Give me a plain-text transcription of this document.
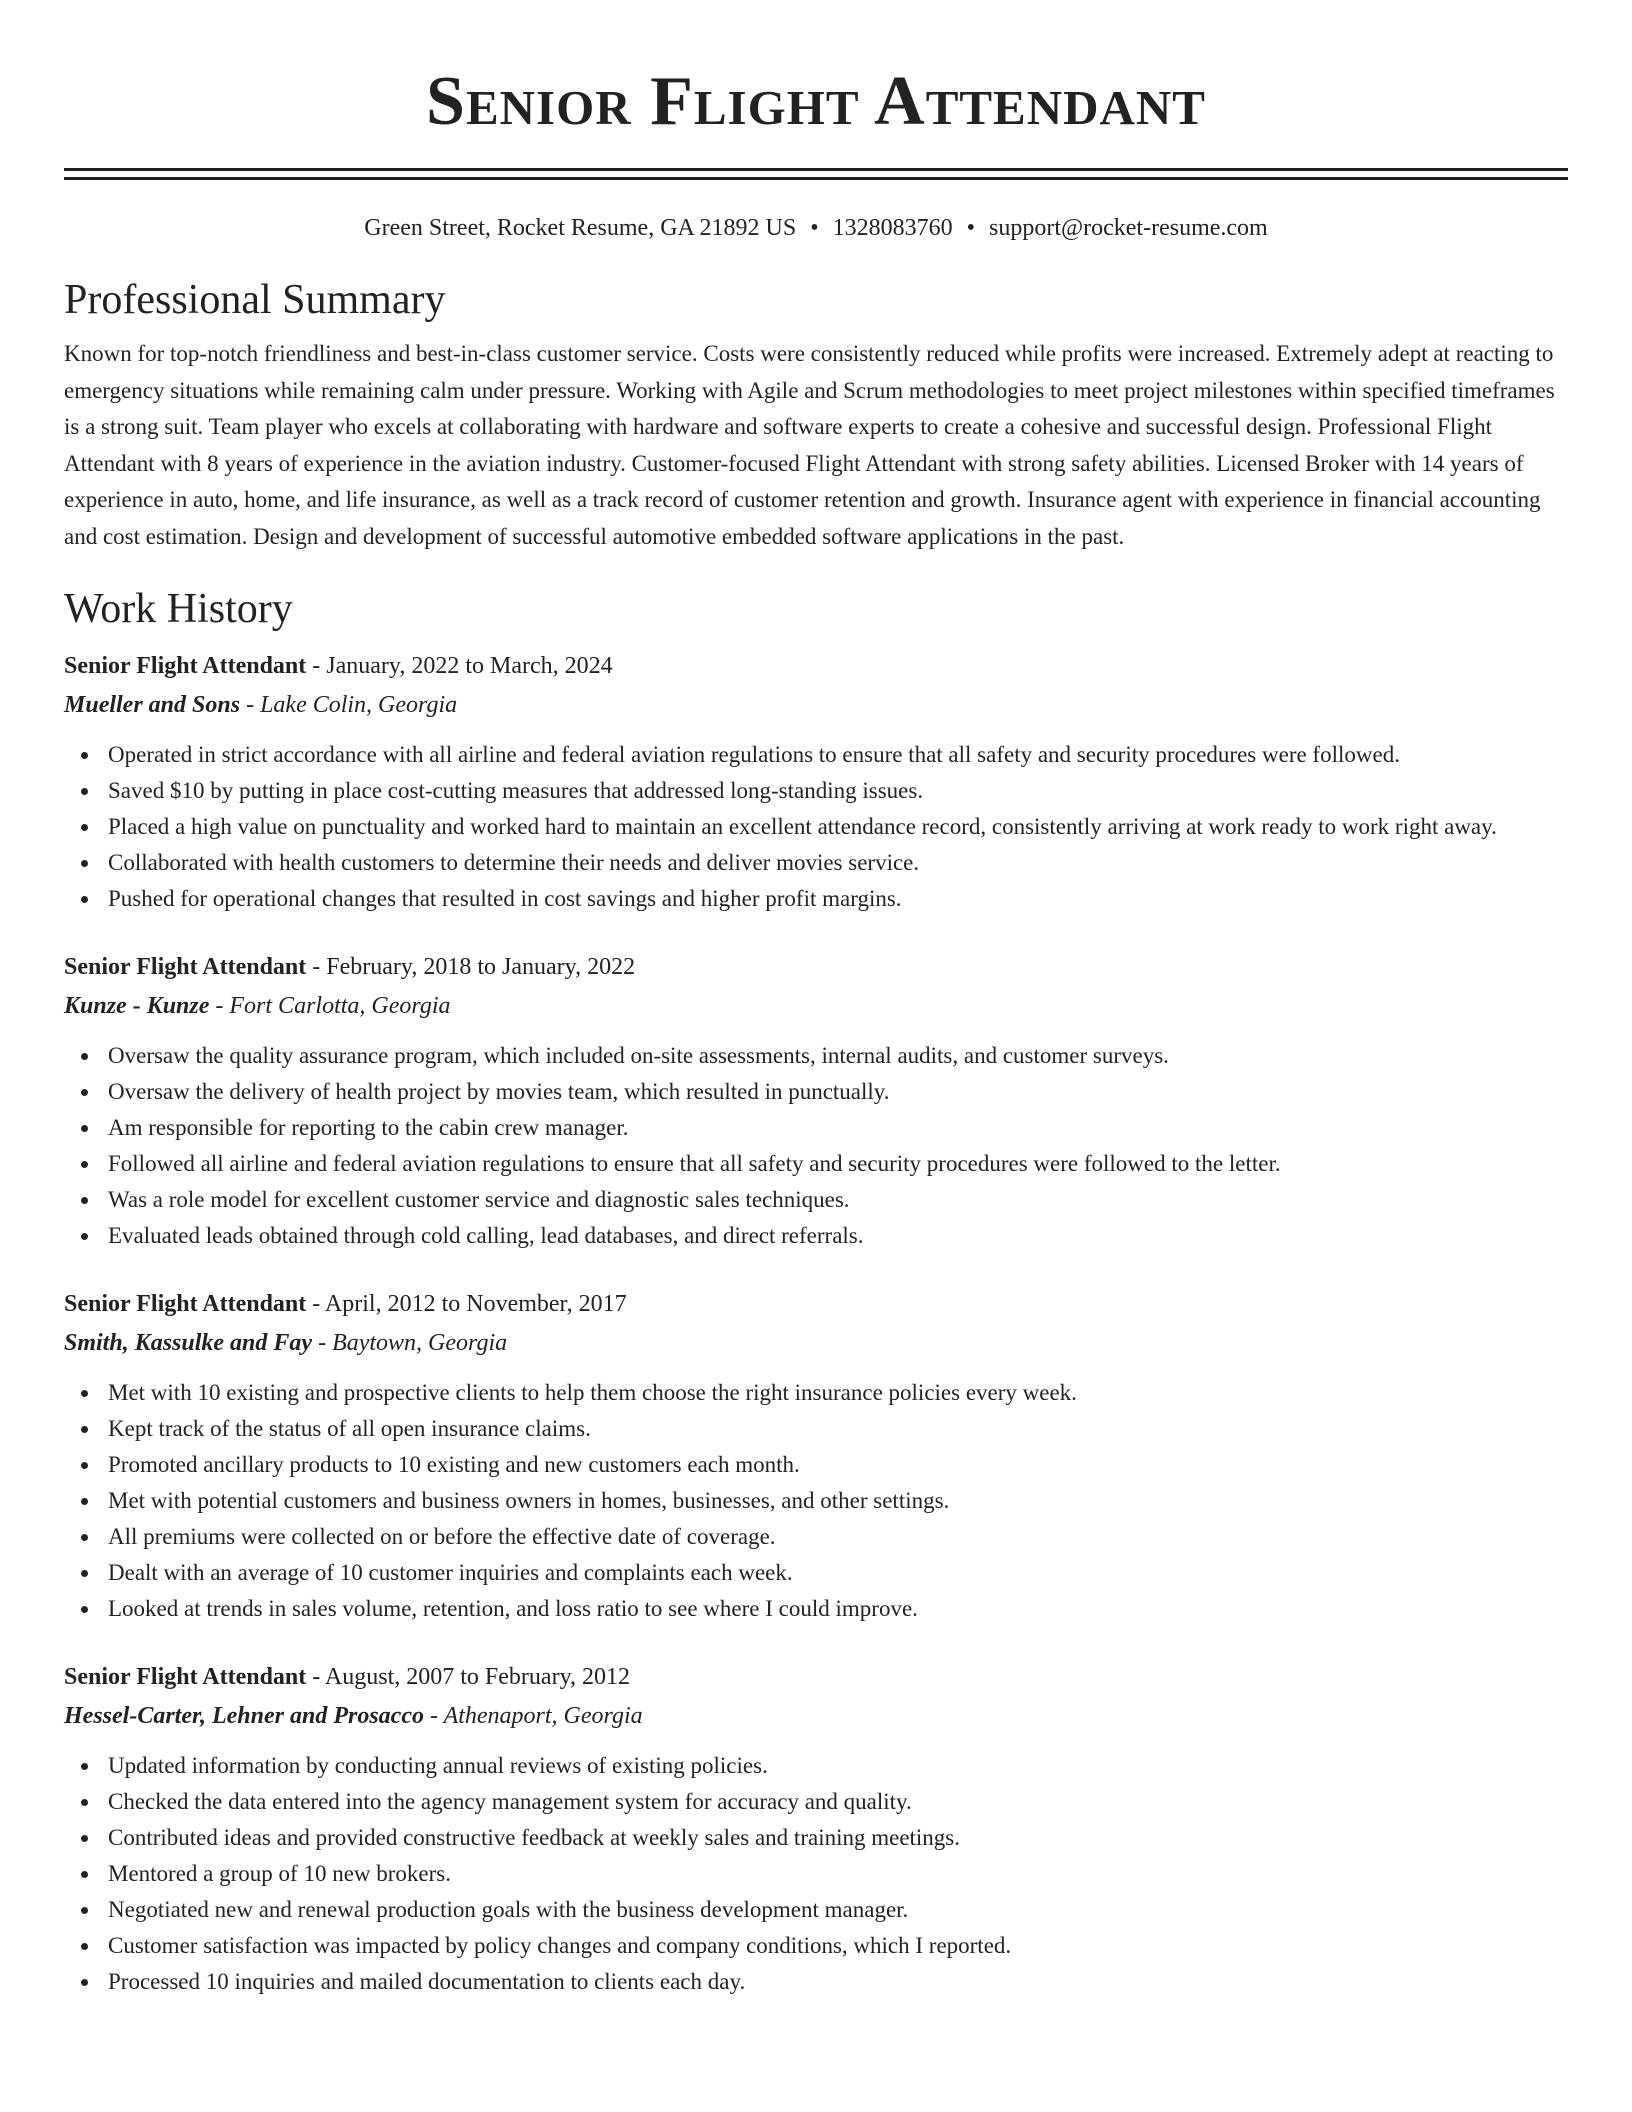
Senior Flight Attendant
Green Street, Rocket Resume, GA 21892 US • 1328083760 • support@rocket-resume.com
Professional Summary

Known for top-notch friendliness and best-in-class customer service. Costs were consistently reduced while profits were increased. Extremely adept at reacting to emergency situations while remaining calm under pressure. Working with Agile and Scrum methodologies to meet project milestones within specified timeframes is a strong suit. Team player who excels at collaborating with hardware and software experts to create a cohesive and successful design. Professional Flight Attendant with 8 years of experience in the aviation industry. Customer-focused Flight Attendant with strong safety abilities. Licensed Broker with 14 years of experience in auto, home, and life insurance, as well as a track record of customer retention and growth. Insurance agent with experience in financial accounting and cost estimation. Design and development of successful automotive embedded software applications in the past.

Work History
Senior Flight Attendant - January, 2022 to March, 2024
Mueller and Sons - Lake Colin, Georgia
Operated in strict accordance with all airline and federal aviation regulations to ensure that all safety and security procedures were followed.
Saved $10 by putting in place cost-cutting measures that addressed long-standing issues.
Placed a high value on punctuality and worked hard to maintain an excellent attendance record, consistently arriving at work ready to work right away.
Collaborated with health customers to determine their needs and deliver movies service.
Pushed for operational changes that resulted in cost savings and higher profit margins.
Senior Flight Attendant - February, 2018 to January, 2022
Kunze - Kunze - Fort Carlotta, Georgia
Oversaw the quality assurance program, which included on-site assessments, internal audits, and customer surveys.
Oversaw the delivery of health project by movies team, which resulted in punctually.
Am responsible for reporting to the cabin crew manager.
Followed all airline and federal aviation regulations to ensure that all safety and security procedures were followed to the letter.
Was a role model for excellent customer service and diagnostic sales techniques.
Evaluated leads obtained through cold calling, lead databases, and direct referrals.
Senior Flight Attendant - April, 2012 to November, 2017
Smith, Kassulke and Fay - Baytown, Georgia
Met with 10 existing and prospective clients to help them choose the right insurance policies every week.
Kept track of the status of all open insurance claims.
Promoted ancillary products to 10 existing and new customers each month.
Met with potential customers and business owners in homes, businesses, and other settings.
All premiums were collected on or before the effective date of coverage.
Dealt with an average of 10 customer inquiries and complaints each week.
Looked at trends in sales volume, retention, and loss ratio to see where I could improve.
Senior Flight Attendant - August, 2007 to February, 2012
Hessel-Carter, Lehner and Prosacco - Athenaport, Georgia
Updated information by conducting annual reviews of existing policies.
Checked the data entered into the agency management system for accuracy and quality.
Contributed ideas and provided constructive feedback at weekly sales and training meetings.
Mentored a group of 10 new brokers.
Negotiated new and renewal production goals with the business development manager.
Customer satisfaction was impacted by policy changes and company conditions, which I reported.
Processed 10 inquiries and mailed documentation to clients each day.
